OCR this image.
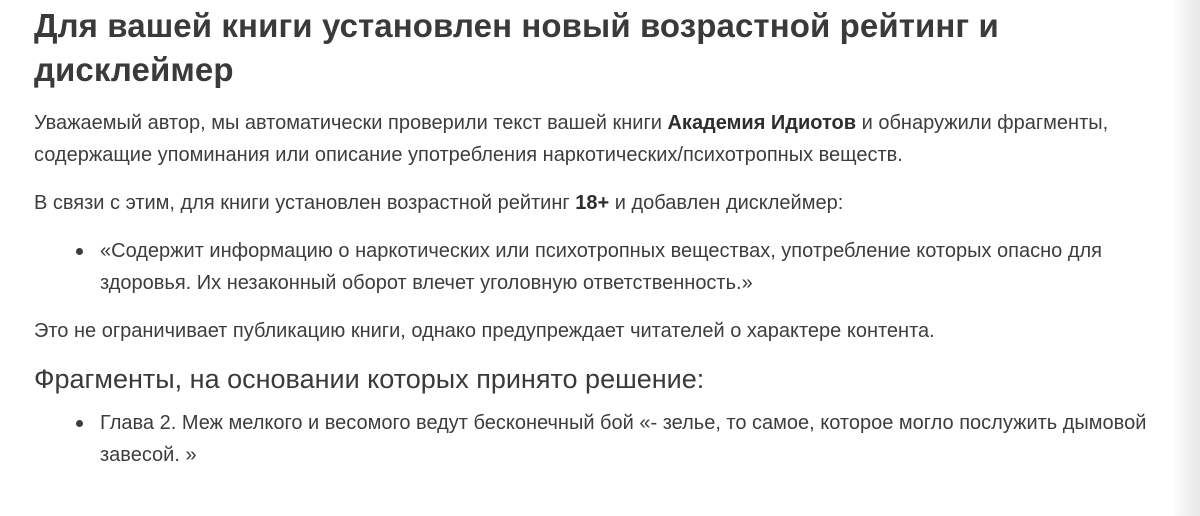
Для вашей книги установлен новый возрастной рейтинг и дисклеймер

Уважаемый автор, мы автоматически проверили текст вашей книги Академия Идиотов и обнаружили фрагменты, содержащие упоминания или описание употребления наркотических/психотропных веществ.

В связи с этим, для книги установлен возрастной рейтинг 18+ и добавлен дисклеймер:

«Содержит информацию о наркотических или психотропных веществах, употребление которых опасно для здоровья. Их незаконный оборот влечет уголовную ответственность.»

Это не ограничивает публикацию книги, однако предупреждает читателей о характере контента.

Фрагменты, на основании которых принято решение:
Глава 2. Меж мелкого и весомого ведут бесконечный бой «- зелье, то самое, которое могло послужить дымовой завесой. »
